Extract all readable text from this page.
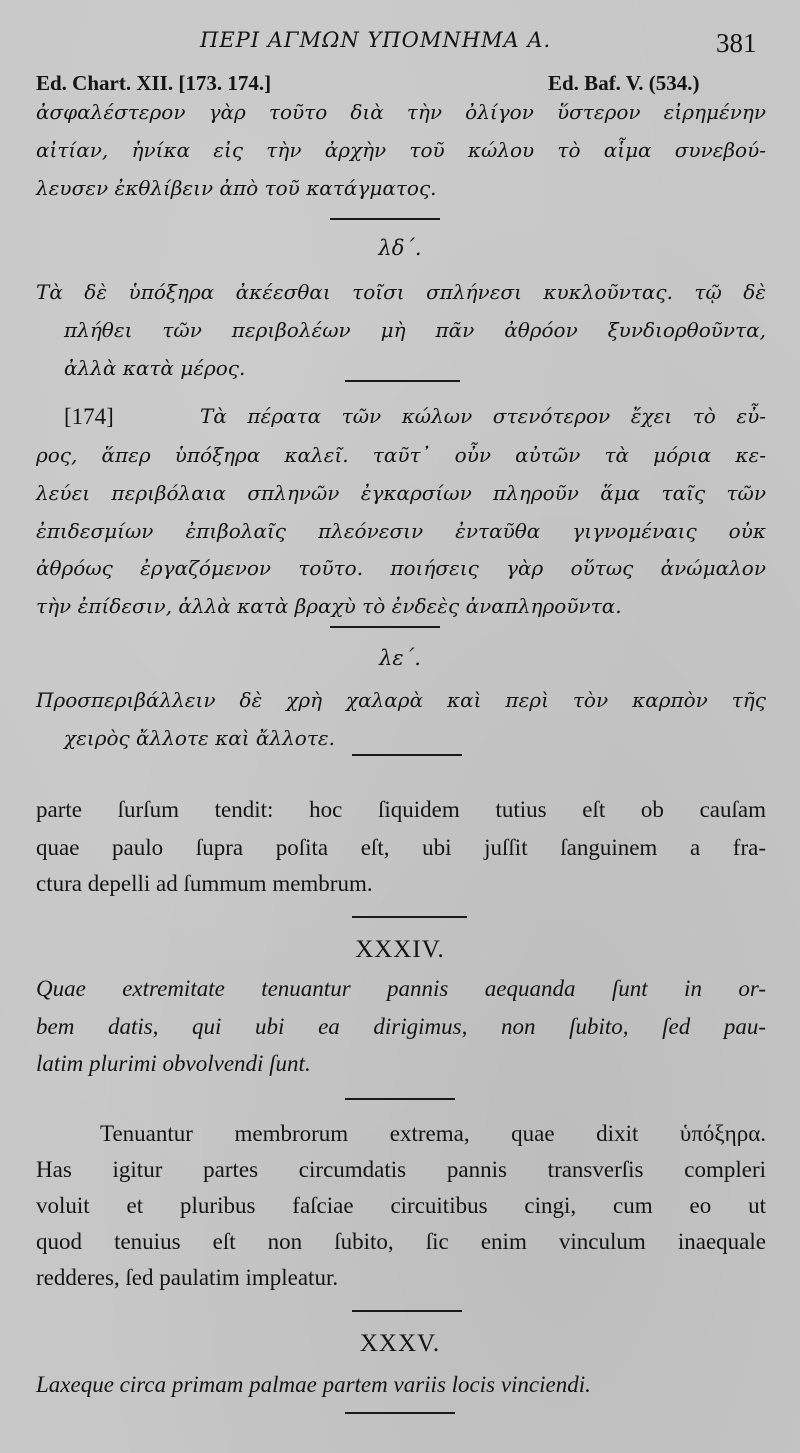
ΠΕΡΙ ΑΓΜΩΝ ΥΠΟΜΝΗΜΑ Α.	381
Ed. Chart. XII. [173. 174.]	Ed. Baf. V. (534.)
ἀσφαλέστερον γὰρ τοῦτο διὰ τὴν ὀλίγον ὕστερον εἰρημένην
αἰτίαν, ἡνίκα εἰς τὴν ἀρχὴν τοῦ κώλου τὸ αἷμα συνεβού-
λευσεν ἐκθλίβειν ἀπὸ τοῦ κατάγματος.
λδ΄.
Τὰ δὲ ὑπόξηρα ἀκέεσθαι τοῖσι σπλήνεσι κυκλοῦντας. τῷ δὲ
πλήθει τῶν περιβολέων μὴ πᾶν ἀθρόον ξυνδιορθοῦντα,
ἀλλὰ κατὰ μέρος.
[174]	Τὰ πέρατα τῶν κώλων στενότερον ἔχει τὸ εὖ-
ρος, ἅπερ ὑπόξηρα καλεῖ. ταῦτ᾽ οὖν αὐτῶν τὰ μόρια κε-
λεύει περιβόλαια σπληνῶν ἐγκαρσίων πληροῦν ἅμα ταῖς τῶν
ἐπιδεσμίων ἐπιβολαῖς πλεόνεσιν ἐνταῦθα γιγνομέναις οὐκ
ἀθρόως ἐργαζόμενον τοῦτο. ποιήσεις γὰρ οὕτως ἀνώμαλον
τὴν ἐπίδεσιν, ἀλλὰ κατὰ βραχὺ τὸ ἐνδεὲς ἀναπληροῦντα.
λε΄.
Προσπεριβάλλειν δὲ χρὴ χαλαρὰ καὶ περὶ τὸν καρπὸν τῆς
χειρὸς ἄλλοτε καὶ ἄλλοτε.
parte ſurſum tendit: hoc ſiquidem tutius eſt ob cauſam
quae paulo ſupra poſita eſt, ubi juſſit ſanguinem a fra-
ctura depelli ad ſummum membrum.
XXXIV.
Quae extremitate tenuantur pannis aequanda ſunt in or-
bem datis, qui ubi ea dirigimus, non ſubito, ſed pau-
latim plurimi obvolvendi ſunt.
Tenuantur membrorum extrema, quae dixit ὑπόξηρα.
Has igitur partes circumdatis pannis transverſis compleri
voluit et pluribus faſciae circuitibus cingi, cum eo ut
quod tenuius eſt non ſubito, ſic enim vinculum inaequale
redderes, ſed paulatim impleatur.
XXXV.
Laxeque circa primam palmae partem variis locis vinciendi.
